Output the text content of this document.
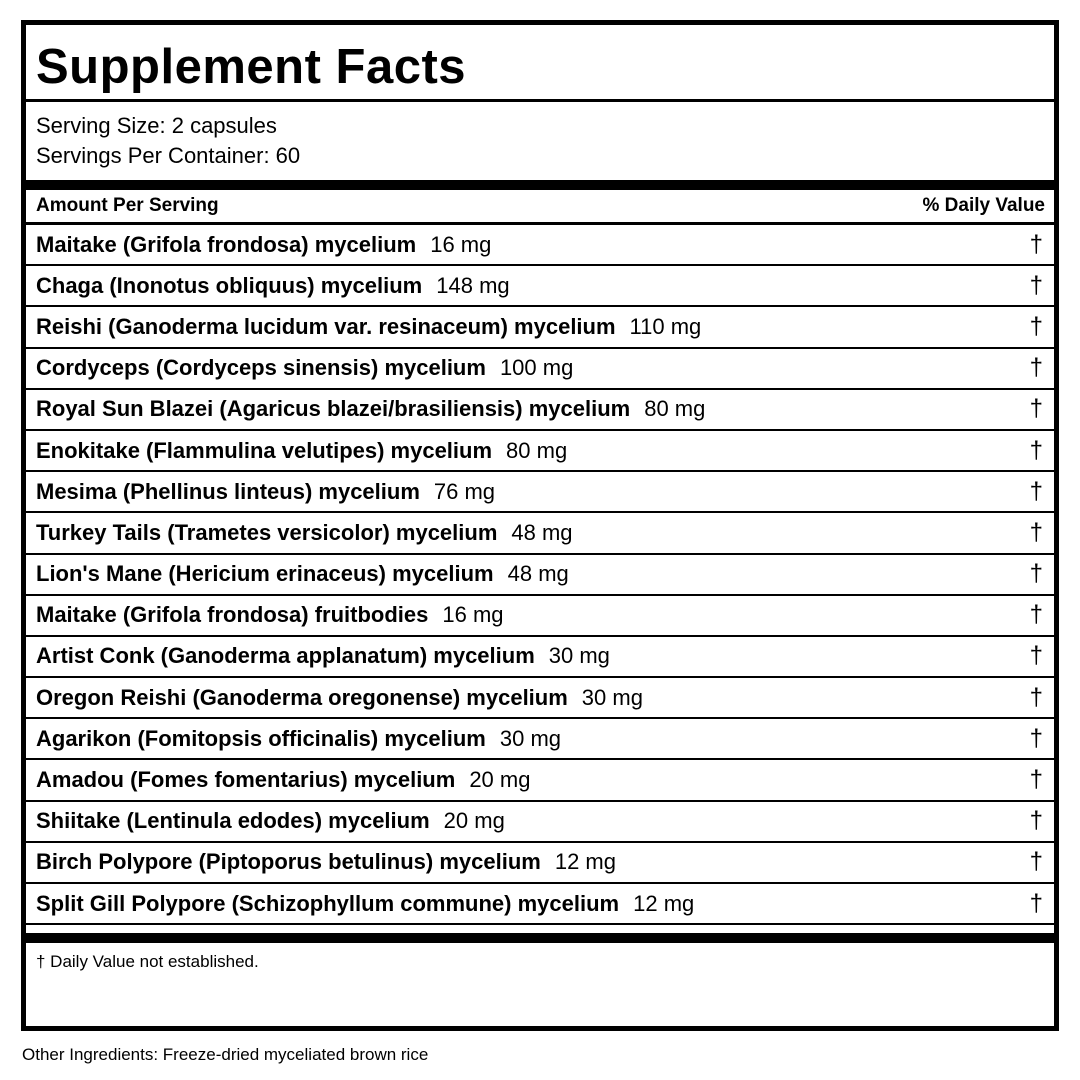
Supplement Facts
Serving Size: 2 capsules
Servings Per Container: 60
Amount Per Serving	% Daily Value
Maitake (Grifola frondosa) mycelium 16 mg	†
Chaga (Inonotus obliquus) mycelium 148 mg	†
Reishi (Ganoderma lucidum var. resinaceum) mycelium 110 mg	†
Cordyceps (Cordyceps sinensis) mycelium 100 mg	†
Royal Sun Blazei (Agaricus blazei/brasiliensis) mycelium 80 mg	†
Enokitake (Flammulina velutipes) mycelium 80 mg	†
Mesima (Phellinus linteus) mycelium 76 mg	†
Turkey Tails (Trametes versicolor) mycelium 48 mg	†
Lion's Mane (Hericium erinaceus) mycelium 48 mg	†
Maitake (Grifola frondosa) fruitbodies 16 mg	†
Artist Conk (Ganoderma applanatum) mycelium 30 mg	†
Oregon Reishi (Ganoderma oregonense) mycelium 30 mg	†
Agarikon (Fomitopsis officinalis) mycelium 30 mg	†
Amadou (Fomes fomentarius) mycelium 20 mg	†
Shiitake (Lentinula edodes) mycelium 20 mg	†
Birch Polypore (Piptoporus betulinus) mycelium 12 mg	†
Split Gill Polypore (Schizophyllum commune) mycelium 12 mg	†
† Daily Value not established.
Other Ingredients: Freeze-dried myceliated brown rice
